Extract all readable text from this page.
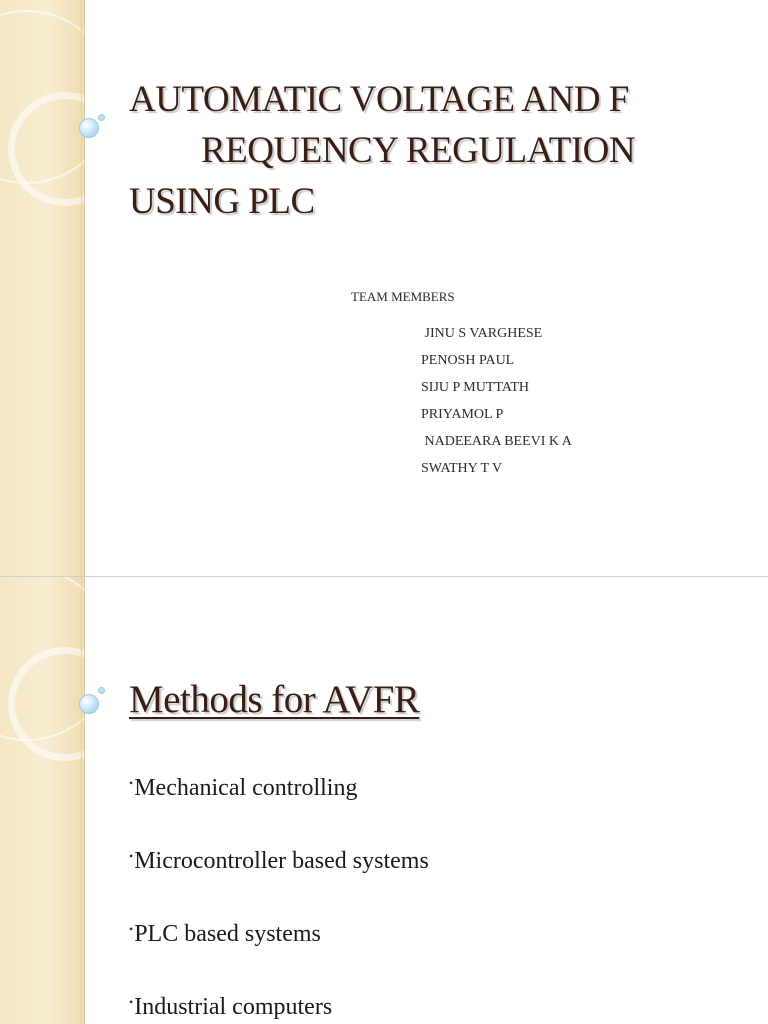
AUTOMATIC VOLTAGE AND F
REQUENCY REGULATION
USING PLC
TEAM MEMBERS
JINU S VARGHESE
PENOSH PAUL
SIJU P MUTTATH
PRIYAMOL P
NADEEARA BEEVI K A
SWATHY T V
Methods for AVFR
•Mechanical controlling
•Microcontroller based systems
•PLC based systems
•Industrial computers
